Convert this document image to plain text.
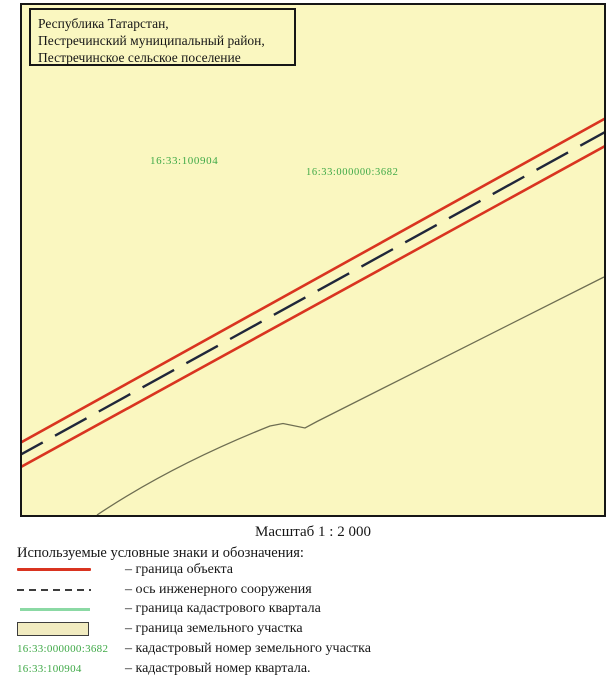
16:33:100904
16:33:000000:3682
Республика Татарстан,
Пестречинский муниципальный район,
Пестречинское сельское поселение
Масштаб 1 : 2 000
Используемые условные знаки и обозначения:
– граница объекта
– ось инженерного сооружения
– граница кадастрового квартала
– граница земельного участка
16:33:000000:3682 – кадастровый номер земельного участка
16:33:100904	– кадастровый номер квартала.
